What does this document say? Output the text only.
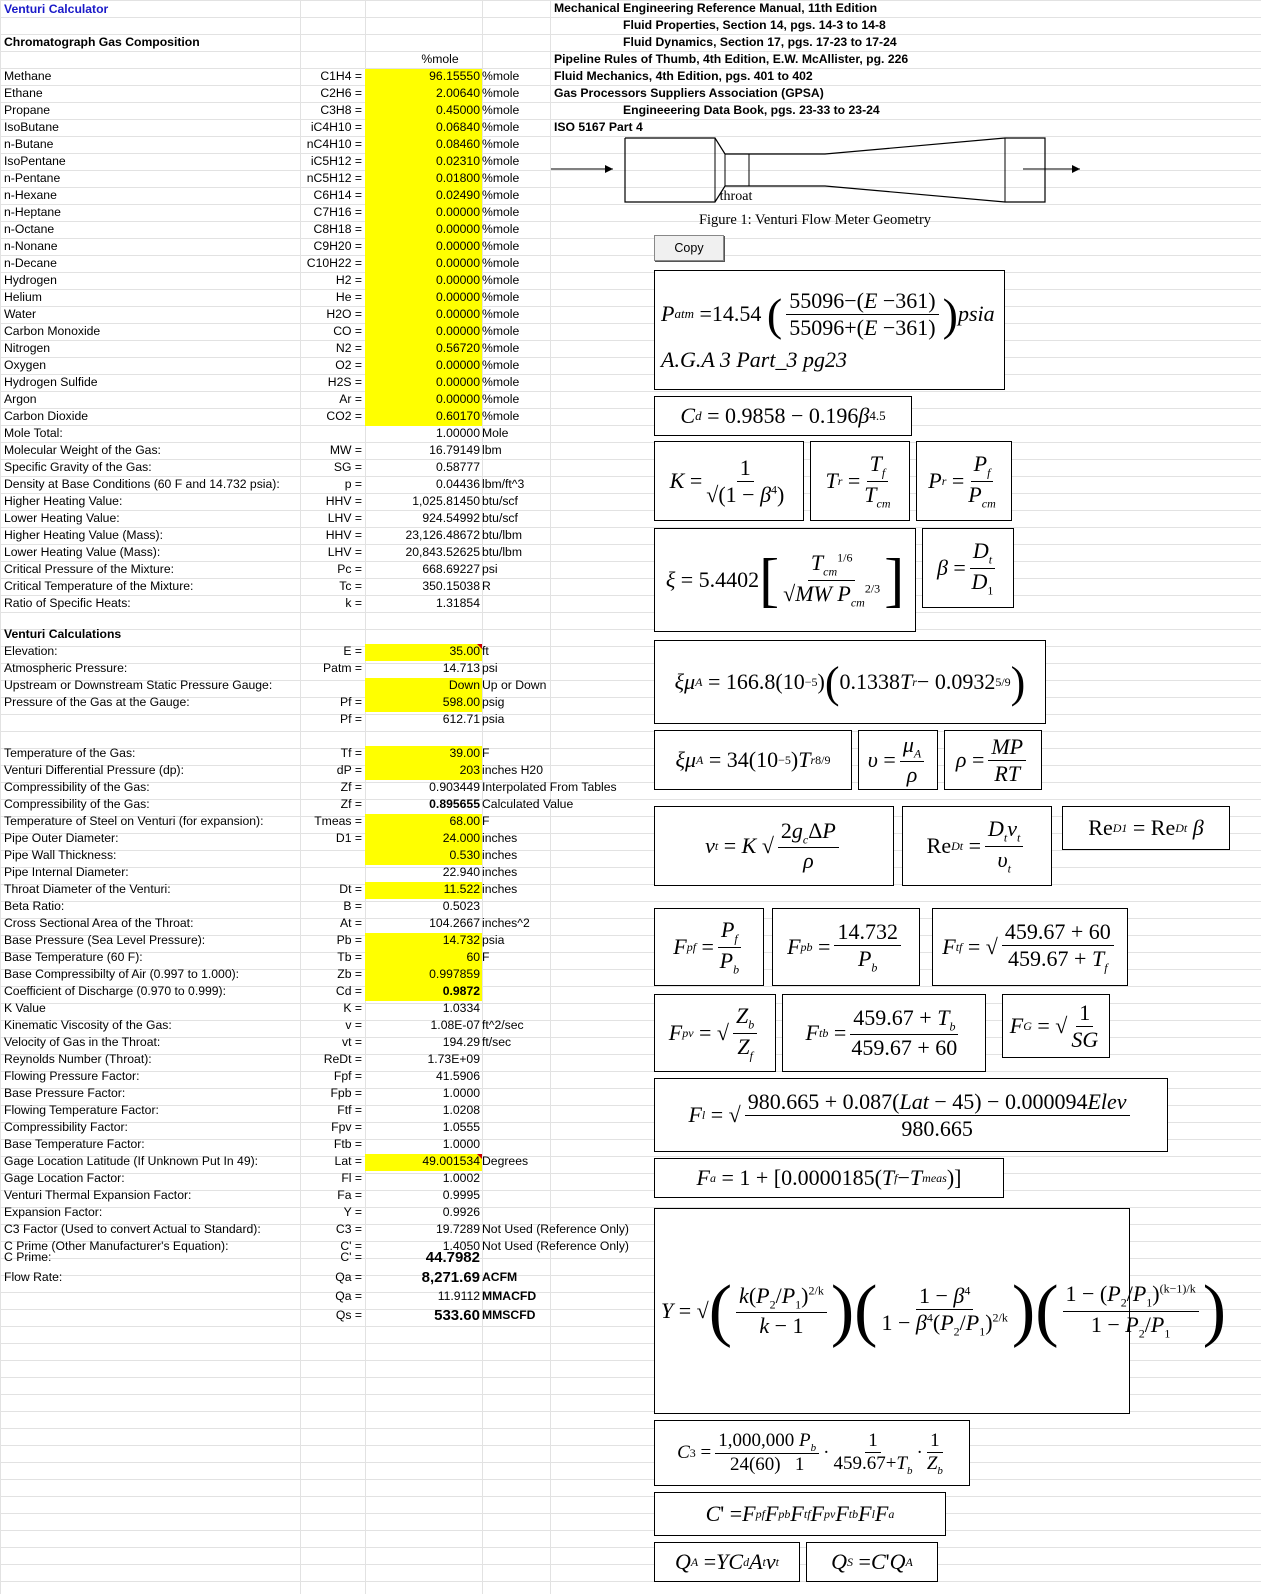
Venturi Calculator
Chromatograph Gas Composition
%mole
Methane	C1H4 =	96.15550 %mole
Ethane	C2H6 =	2.00640 %mole
Propane	C3H8 =	0.45000 %mole
IsoButane	iC4H10 =	0.06840 %mole
n-Butane	nC4H10 =	0.08460 %mole
IsoPentane	iC5H12 =	0.02310 %mole
n-Pentane	nC5H12 =	0.01800 %mole
n-Hexane	C6H14 =	0.02490 %mole
n-Heptane	C7H16 =	0.00000 %mole
n-Octane	C8H18 =	0.00000 %mole
n-Nonane	C9H20 =	0.00000 %mole
n-Decane	C10H22 =	0.00000 %mole
Hydrogen	H2 =	0.00000 %mole
Helium	He =	0.00000 %mole
Water	H2O =	0.00000 %mole
Carbon Monoxide	CO =	0.00000 %mole
Nitrogen	N2 =	0.56720 %mole
Oxygen	O2 =	0.00000 %mole
Hydrogen Sulfide	H2S =	0.00000 %mole
Argon	Ar =	0.00000 %mole
Carbon Dioxide	CO2 =	0.60170 %mole
Mole Total:	1.00000 Mole
Molecular Weight of the Gas:	MW =	16.79149 lbm
Specific Gravity of the Gas:	SG =	0.58777
Density at Base Conditions (60 F and 14.732 psia):	p =	0.04436 lbm/ft^3
Higher Heating Value:	HHV =	1,025.81450 btu/scf
Lower Heating Value:	LHV =	924.54992 btu/scf
Higher Heating Value (Mass):	HHV =	23,126.48672 btu/lbm
Lower Heating Value (Mass):	LHV =	20,843.52625 btu/lbm
Critical Pressure of the Mixture:	Pc =	668.69227 psi
Critical Temperature of the Mixture:	Tc =	350.15038 R
Ratio of Specific Heats:	k =	1.31854
Venturi Calculations
Elevation:	E =	35.00 ft
Atmospheric Pressure:	Patm =	14.713 psi
Upstream or Downstream Static Pressure Gauge:	Down Up or Down
Pressure of the Gas at the Gauge:	Pf =	598.00 psig
Pf =	612.71 psia
Temperature of the Gas:	Tf =	39.00 F
Venturi Differential Pressure (dp):	dP =	203 inches H20
Compressibility of the Gas:	Zf =	0.903449 Interpolated From Tables
Compressibility of the Gas:	Zf =	0.895655 Calculated Value
Temperature of Steel on Venturi (for expansion):	Tmeas =	68.00 F
Pipe Outer Diameter:	D1 =	24.000 inches
Pipe Wall Thickness:	0.530 inches
Pipe Internal Diameter:	22.940 inches
Throat Diameter of the Venturi:	Dt =	11.522 inches
Beta Ratio:	B =	0.5023
Cross Sectional Area of the Throat:	At =	104.2667 inches^2
Base Pressure (Sea Level Pressure):	Pb =	14.732 psia
Base Temperature (60 F):	Tb =	60 F
Base Compressibilty of Air (0.997 to 1.000):	Zb =	0.997859
Coefficient of Discharge (0.970 to 0.999):	Cd =	0.9872
K Value	K =	1.0334
Kinematic Viscosity of the Gas:	v =	1.08E-07 ft^2/sec
Velocity of Gas in the Throat:	vt =	194.29 ft/sec
Reynolds Number (Throat):	ReDt =	1.73E+09
Flowing Pressure Factor:	Fpf =	41.5906
Base Pressure Factor:	Fpb =	1.0000
Flowing Temperature Factor:	Ftf =	1.0208
Compressibility Factor:	Fpv =	1.0555
Base Temperature Factor:	Ftb =	1.0000
Gage Location Latitude (If Unknown Put In 49):	Lat =	49.001534 Degrees
Gage Location Factor:	Fl =	1.0002
Venturi Thermal Expansion Factor:	Fa =	0.9995
Expansion Factor:	Y =	0.9926
C3 Factor (Used to convert Actual to Standard):	C3 =	19.7289 Not Used (Reference Only)
C Prime (Other Manufacturer's Equation):	C' =	1.4050 Not Used (Reference Only)
C Prime:	C' =	44.7982
Flow Rate:	Qa =	8,271.69 ACFM
Qa =	11.9112 MMACFD
Qs =	533.60 MMSCFD
Mechanical Engineering Reference Manual, 11th Edition
Fluid Properties, Section 14, pgs. 14-3 to 14-8
Fluid Dynamics, Section 17, pgs. 17-23 to 17-24
Pipeline Rules of Thumb, 4th Edition, E.W. McAllister, pg. 226
Fluid Mechanics, 4th Edition, pgs. 401 to 402
Gas Processors Suppliers Association (GPSA)
Engineeering Data Book, pgs. 23-33 to 23-24
ISO 5167 Part 4
throat
Figure 1: Venturi Flow Meter Geometry
Copy
P atm =14.54 ( $\frac{55096-(E -361)}{55096+(E -361)}$ ) psia
A.G.A 3 Part_3 pg23
C d = 0.9858 − 0.196 β 4.5
$K = \frac{1}{√(1 - \beta^4)}$ T $r = \frac{T_f}{T_{cm}}$ P $r = \frac{P_f}{P_{cm}}$
ξ = 5.4402 [ $\frac{T_{cm}^{1/6}}{√MW P_{cm}^{2/3}}$ ] $\beta = \frac{D_t}{D_1}$
ξμ A = 166.8(10 −5 ) ( 0.1338 T r − 0.0932 5/9 )
ξμ A = 34(10 −5 ) T r 8/9 $\upsilon = \frac{\mu_A}{\rho}$ $\rho = \frac{MP}{RT}$
v t = K √ $\frac{2g_c\Delta P}{\rho}$	Re $Dt = \frac{D_tv_t}{\upsilon_t}$	Re D1 = Re Dt
β
F pf = $\frac{P_f}{P_b}$ F pb = $\frac{14.732}{P_b}$ F tf = √ $\frac{459.67 + 60}{459.67 + T_f}$
F pv = √ $\frac{Z_b}{Z_f}$ F tb = $\frac{459.67 + T_b}{459.67 + 60}$ F G = √ $\frac{1}{SG}$
F l = √ $\frac{\text{980.665 + 0.087(Lat − 45) − 0.000094Elev}}{980.665}$
F a = 1 + [0.0000185( T f − T meas )]
Y = √ ( $\frac{k(P_2/P_1)^{2/k}}{k - 1}$ )( $\frac{1 - \beta^4}{1 - \beta^4(P_2/P_1)^{2/k}}$ )( $\frac{1 - (P_2/P_1)^{(k-1)/k}}{1 - P_2/P_1}$ )
C $3 = \frac{1,000,000 P_b}{24(60) 1} \cdot \frac{1}{459.67+T_b} \cdot \frac{1}{Z_b}$
C ' = F pf F pb F tf F pv F tb F l F a
Q A = YC d A t v t Q S = C ' Q A
